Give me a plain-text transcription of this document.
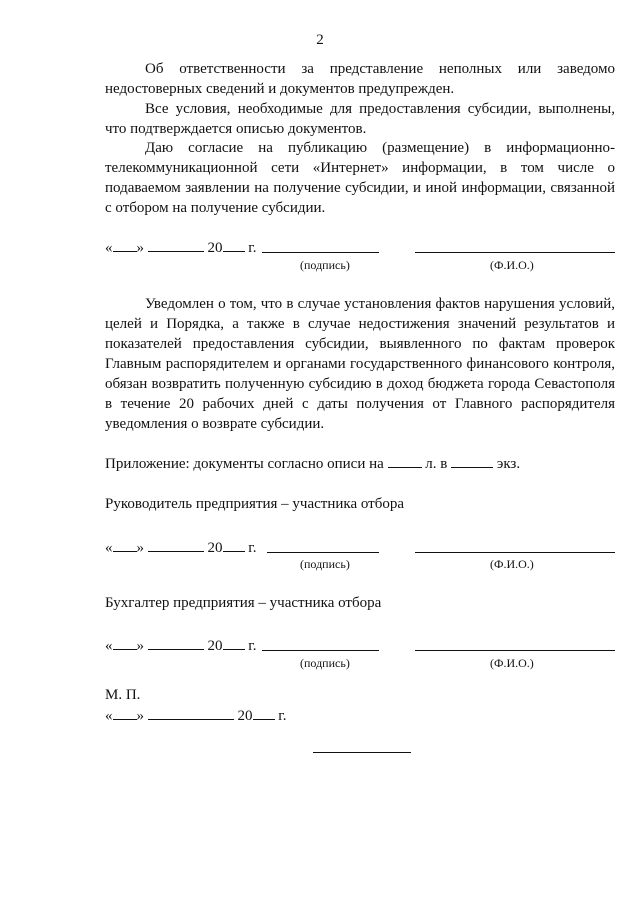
2

Об ответственности за представление неполных или заведомо недостоверных сведений и документов предупрежден.

Все условия, необходимые для предоставления субсидии, выполнены, что подтверждается описью документов.

Даю согласие на публикацию (размещение) в информационно-телекоммуникационной сети «Интернет» информации, в том числе о подаваемом заявлении на получение субсидии, и иной информации, связанной с отбором на получение субсидии.

« »	20 г.
(подпись)	(Ф.И.О.)

Уведомлен о том, что в случае установления фактов нарушения условий, целей и Порядка, а также в случае недостижения значений результатов и показателей предоставления субсидии, выявленного по фактам проверок Главным распорядителем и органами государственного финансового контроля, обязан возвратить полученную субсидию в доход бюджета города Севастополя в течение 20 рабочих дней с даты получения от Главного распорядителя уведомления о возврате субсидии.

Приложение: документы согласно описи на	л. в	экз.
Руководитель предприятия – участника отбора
« »	20 г.
(подпись)	(Ф.И.О.)
Бухгалтер предприятия – участника отбора
« »	20 г.
(подпись)	(Ф.И.О.)
М. П.
« »	20 г.
